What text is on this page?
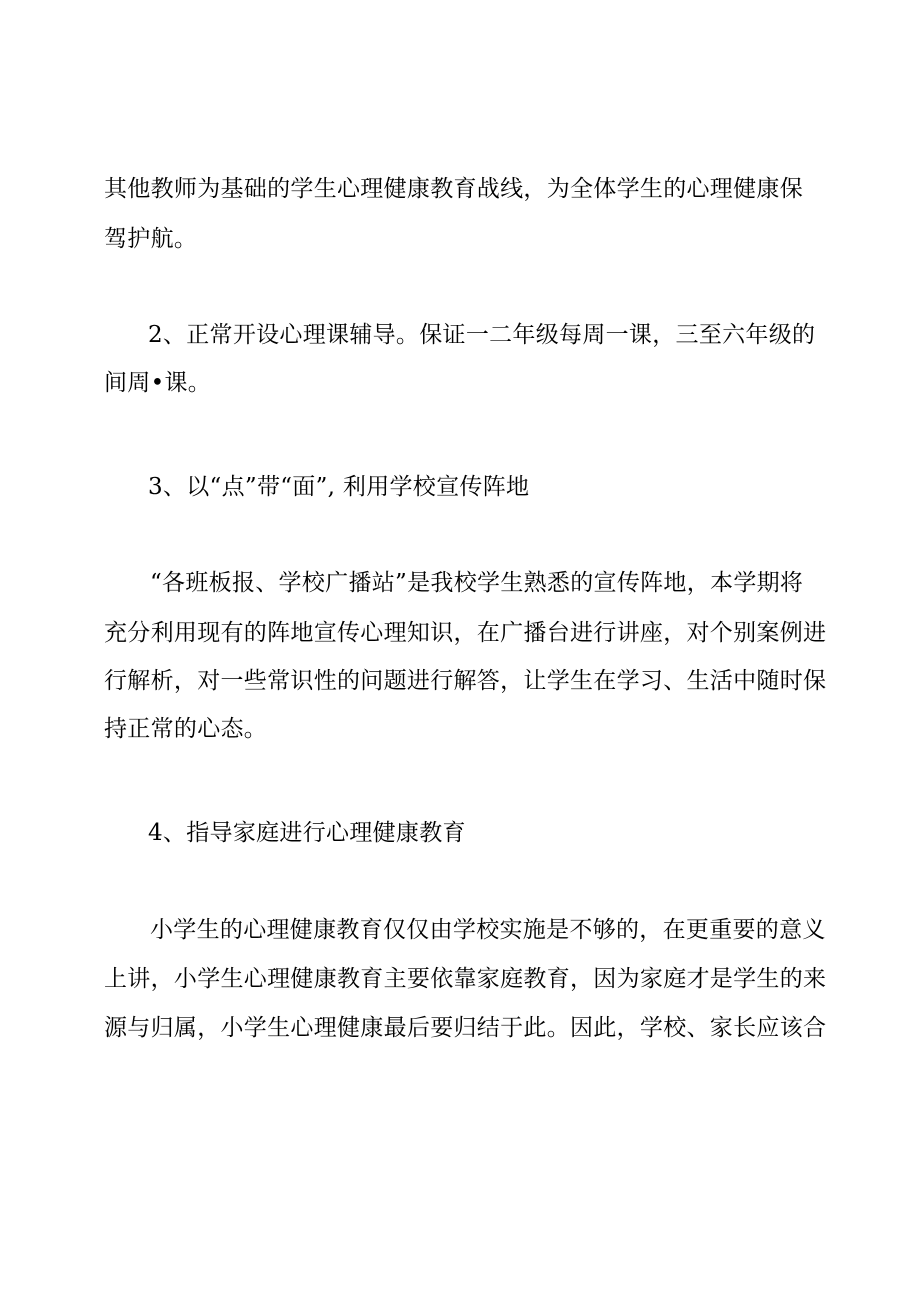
其他教师为基础的学生心理健康教育战线，为全体学生的心理健康保
驾护航。
2、正常开设心理课辅导。保证一二年级每周一课，三至六年级的
间周•课。
3、以“点”带“面”, 利用学校宣传阵地
“各班板报、学校广播站”是我校学生熟悉的宣传阵地，本学期将
充分利用现有的阵地宣传心理知识，在广播台进行讲座，对个别案例进
行解析，对一些常识性的问题进行解答，让学生在学习、生活中随时保
持正常的心态。
4、指导家庭进行心理健康教育
小学生的心理健康教育仅仅由学校实施是不够的，在更重要的意义
上讲，小学生心理健康教育主要依靠家庭教育，因为家庭才是学生的来
源与归属，小学生心理健康最后要归结于此。因此，学校、家长应该合
